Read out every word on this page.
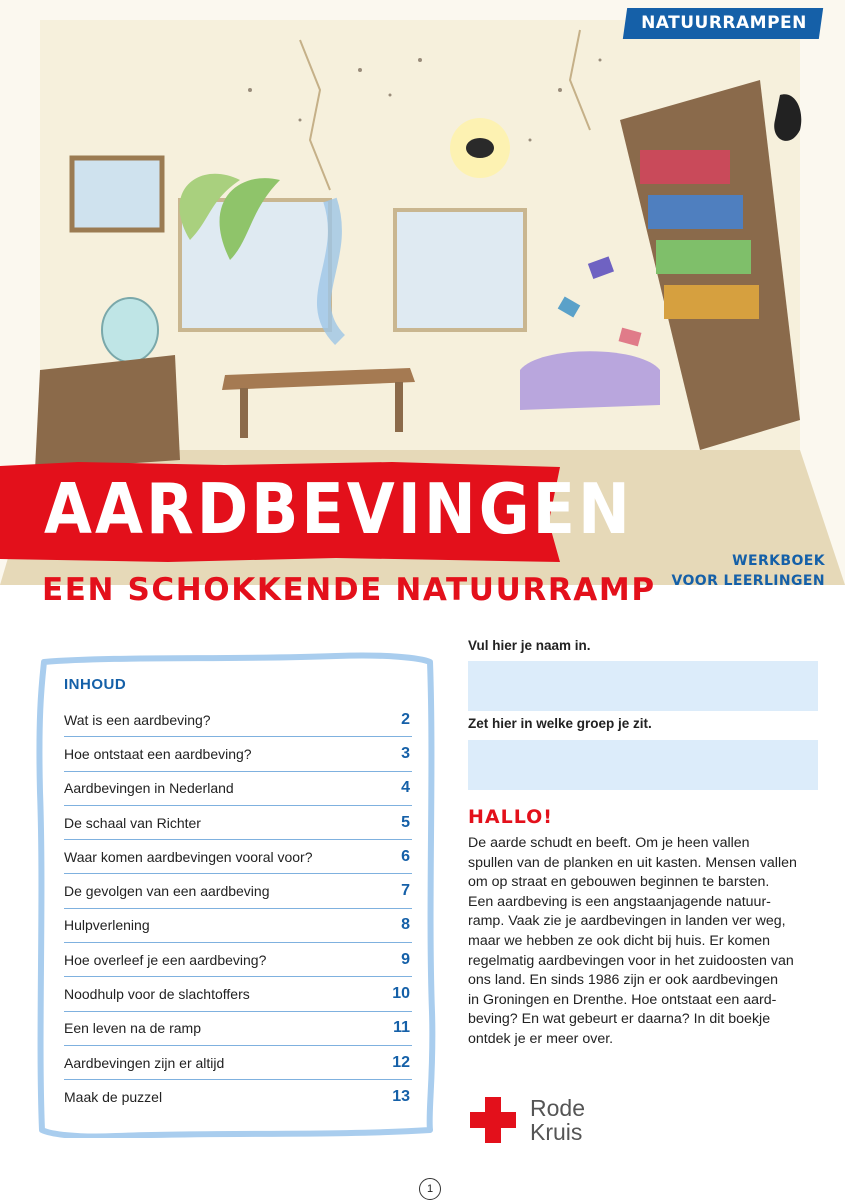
NATUURRAMPEN
AARDBEVINGEN
EEN SCHOKKENDE NATUURRAMP
WERKBOEK
VOOR LEERLINGEN
INHOUD
Wat is een aardbeving?	2
Hoe ontstaat een aardbeving?	3
Aardbevingen in Nederland	4
De schaal van Richter	5
Waar komen aardbevingen vooral voor?	6
De gevolgen van een aardbeving	7
Hulpverlening	8
Hoe overleef je een aardbeving?	9
Noodhulp voor de slachtoffers	10
Een leven na de ramp	11
Aardbevingen zijn er altijd	12
Maak de puzzel	13
Vul hier je naam in.
Zet hier in welke groep je zit.
HALLO!
De aarde schudt en beeft. Om je heen vallen
spullen van de planken en uit kasten. Mensen vallen
om op straat en gebouwen beginnen te barsten.
Een aardbeving is een angstaanjagende natuur-
ramp. Vaak zie je aardbevingen in landen ver weg,
maar we hebben ze ook dicht bij huis. Er komen
regelmatig aardbevingen voor in het zuidoosten van
ons land. En sinds 1986 zijn er ook aardbevingen
in Groningen en Drenthe. Hoe ontstaat een aard-
beving? En wat gebeurt er daarna? In dit boekje
ontdek je er meer over.
Rode
Kruis
1
